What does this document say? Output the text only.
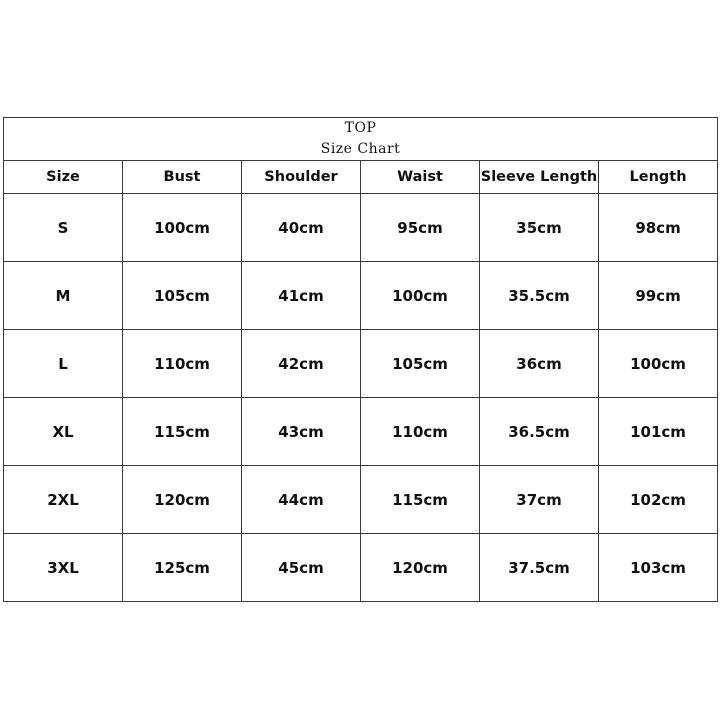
TOP
Size Chart					

Size	Bust	Shoulder	Waist	Sleeve Length	Length
S	100cm	40cm	95cm	35cm	98cm
M	105cm	41cm	100cm	35.5cm	99cm
L	110cm	42cm	105cm	36cm	100cm
XL	115cm	43cm	110cm	36.5cm	101cm
2XL	120cm	44cm	115cm	37cm	102cm
3XL	125cm	45cm	120cm	37.5cm	103cm
